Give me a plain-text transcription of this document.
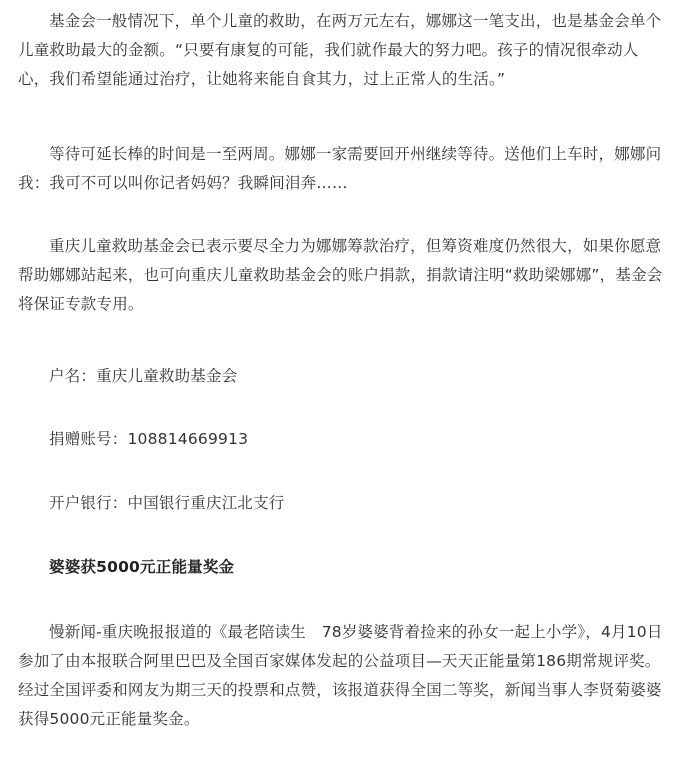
基金会一般情况下，单个儿童的救助，在两万元左右，娜娜这一笔支出，也是基金会单个儿童救助最大的金额。“只要有康复的可能，我们就作最大的努力吧。孩子的情况很牵动人心，我们希望能通过治疗，让她将来能自食其力，过上正常人的生活。”

等待可延长棒的时间是一至两周。娜娜一家需要回开州继续等待。送他们上车时，娜娜问我：我可不可以叫你记者妈妈？我瞬间泪奔……

重庆儿童救助基金会已表示要尽全力为娜娜筹款治疗，但筹资难度仍然很大，如果你愿意帮助娜娜站起来，也可向重庆儿童救助基金会的账户捐款，捐款请注明“救助梁娜娜”，基金会将保证专款专用。

户名：重庆儿童救助基金会

捐赠账号：108814669913

开户银行：中国银行重庆江北支行

婆婆获5000元正能量奖金

慢新闻-重庆晚报报道的《最老陪读生　78岁婆婆背着捡来的孙女一起上小学》，4月10日参加了由本报联合阿里巴巴及全国百家媒体发起的公益项目—天天正能量第186期常规评奖。经过全国评委和网友为期三天的投票和点赞，该报道获得全国二等奖，新闻当事人李贤菊婆婆获得5000元正能量奖金。
